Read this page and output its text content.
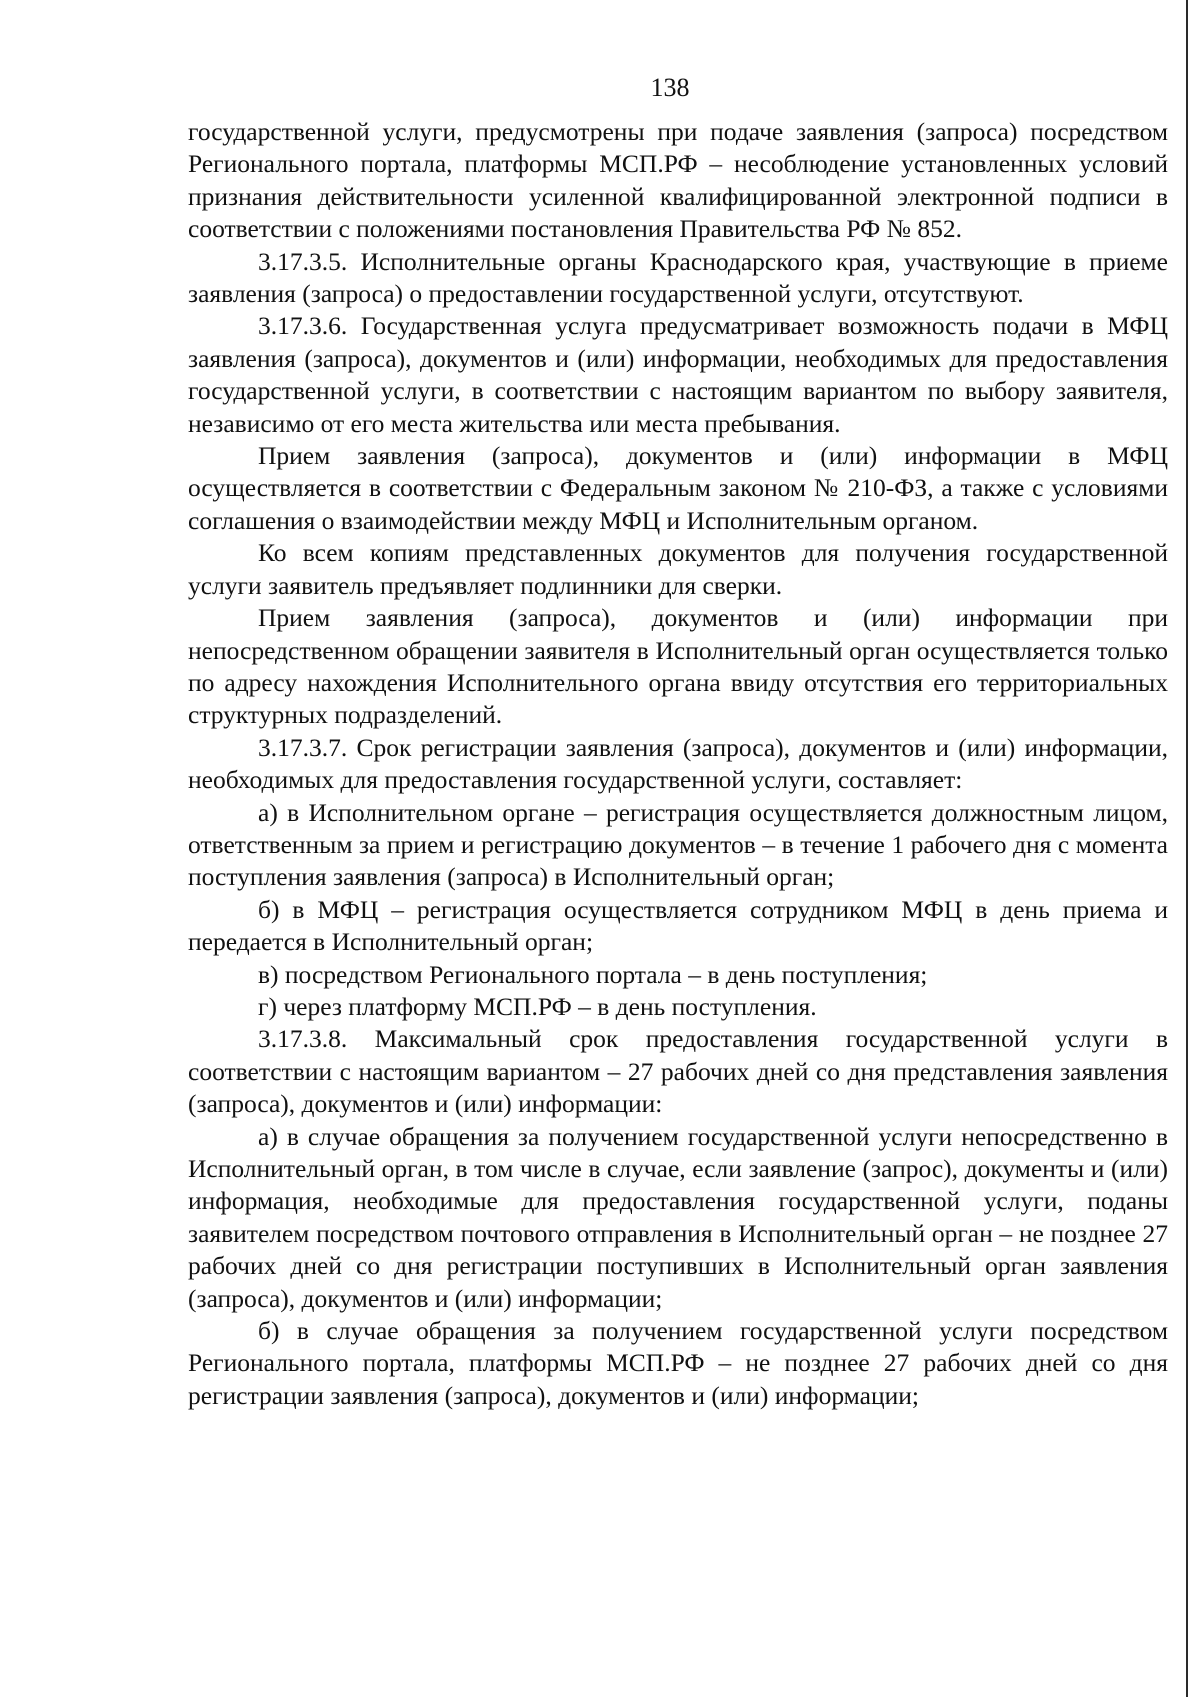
138

государственной услуги, предусмотрены при подаче заявления (запроса) посредством Регионального портала, платформы МСП.РФ – несоблюдение установленных условий признания действительности усиленной квалифицированной электронной подписи в соответствии с положениями постановления Правительства РФ № 852.

3.17.3.5. Исполнительные органы Краснодарского края, участвующие в приеме заявления (запроса) о предоставлении государственной услуги, отсутствуют.

3.17.3.6. Государственная услуга предусматривает возможность подачи в МФЦ заявления (запроса), документов и (или) информации, необходимых для предоставления государственной услуги, в соответствии с настоящим вариантом по выбору заявителя, независимо от его места жительства или места пребывания.

Прием заявления (запроса), документов и (или) информации в МФЦ осуществляется в соответствии с Федеральным законом № 210-ФЗ, а также с условиями соглашения о взаимодействии между МФЦ и Исполнительным органом.

Ко всем копиям представленных документов для получения государственной услуги заявитель предъявляет подлинники для сверки.

Прием заявления (запроса), документов и (или) информации при непосредственном обращении заявителя в Исполнительный орган осуществляется только по адресу нахождения Исполнительного органа ввиду отсутствия его территориальных структурных подразделений.

3.17.3.7. Срок регистрации заявления (запроса), документов и (или) информации, необходимых для предоставления государственной услуги, составляет:

а) в Исполнительном органе – регистрация осуществляется должностным лицом, ответственным за прием и регистрацию документов – в течение 1 рабочего дня с момента поступления заявления (запроса) в Исполнительный орган;

б) в МФЦ – регистрация осуществляется сотрудником МФЦ в день приема и передается в Исполнительный орган;

в) посредством Регионального портала – в день поступления;

г) через платформу МСП.РФ – в день поступления.

3.17.3.8. Максимальный срок предоставления государственной услуги в соответствии с настоящим вариантом – 27 рабочих дней со дня представления заявления (запроса), документов и (или) информации:

а) в случае обращения за получением государственной услуги непосредственно в Исполнительный орган, в том числе в случае, если заявление (запрос), документы и (или) информация, необходимые для предоставления государственной услуги, поданы заявителем посредством почтового отправления в Исполнительный орган – не позднее 27 рабочих дней со дня регистрации поступивших в Исполнительный орган заявления (запроса), документов и (или) информации;

б) в случае обращения за получением государственной услуги посредством Регионального портала, платформы МСП.РФ – не позднее 27 рабочих дней со дня регистрации заявления (запроса), документов и (или) информации;
